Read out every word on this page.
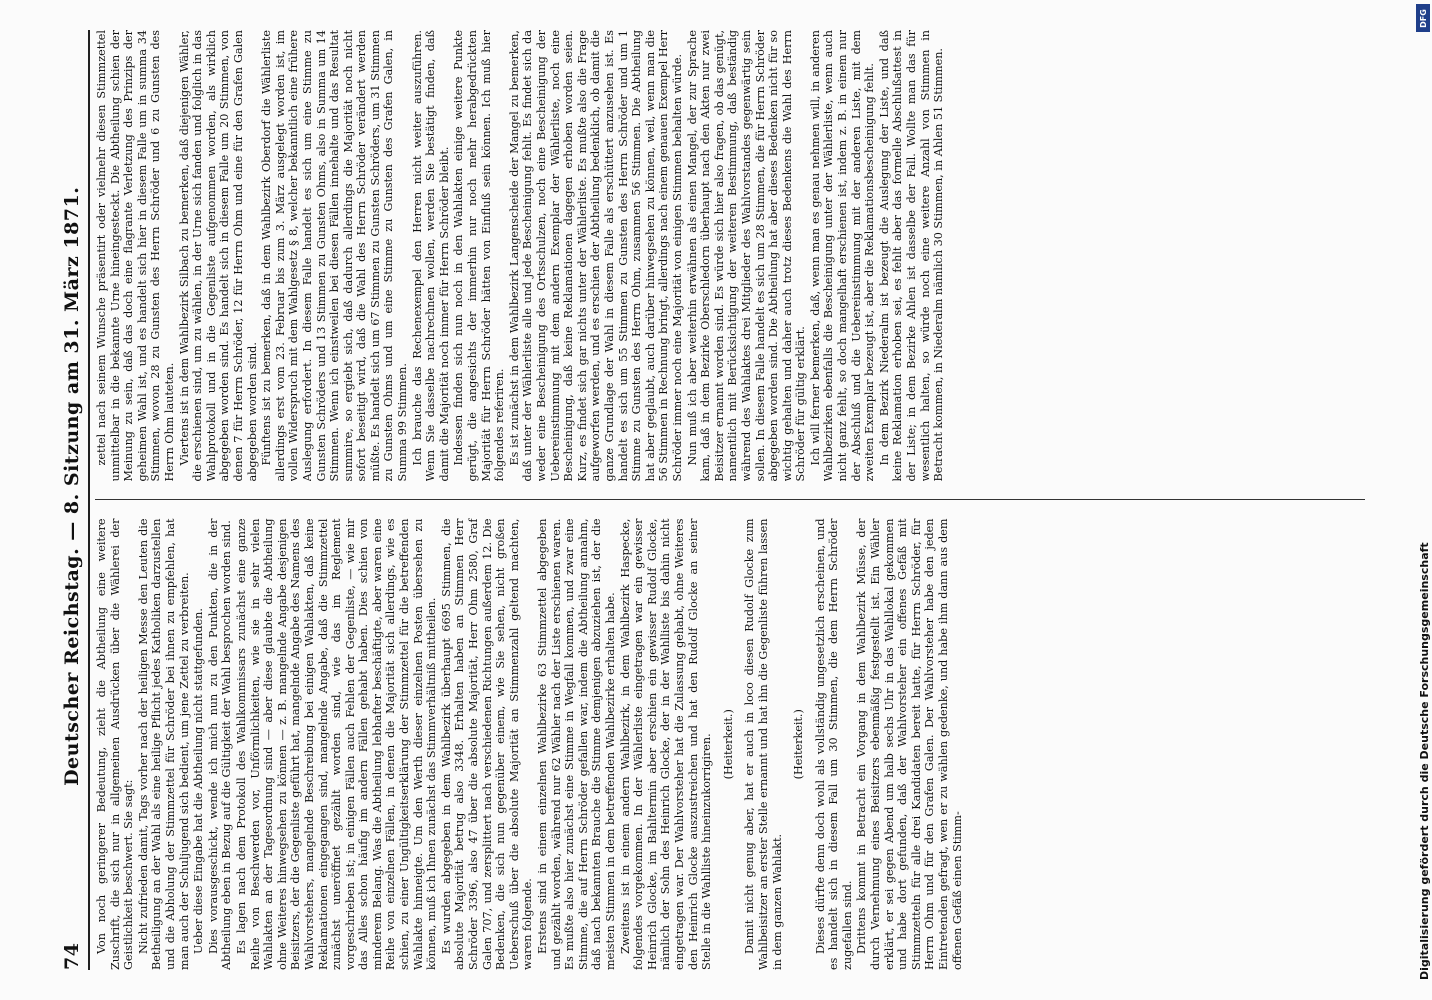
74
Deutscher Reichstag. — 8. Sitzung am 31. März 1871. Von noch geringerer Bedeutung, zieht die Abtheilung eine weitere Zuschrift, die sich nur in allgemeinen Ausdrücken über die Wählerei der Geistlichkeit beschwert. Sie sagt: Nicht zufrieden damit, Tags vorher nach der heiligen Messe den Leuten die Betheiligung an der Wahl als eine heilige Pflicht jedes Katholiken darzustellen und die Abholung der Stimmzettel für Schröder bei ihnen zu empfehlen, hat man auch der Schuljugend sich bedient, um jene Zettel zu verbreiten. Ueber diese Eingabe hat die Abtheilung nicht stattgefunden. Dies vorausgeschickt, wende ich mich nun zu den Punkten, die in der Abtheilung eben in Bezug auf die Gültigkeit der Wahl besprochen worden sind. Es lagen nach dem Protokoll des Wahlkommissars zunächst eine ganze Reihe von Beschwerden vor, Unförmlichkeiten, wie sie in sehr vielen Wahlakten an der Tagesordnung sind — aber diese glaubte die Abtheilung ohne Weiteres hinwegsehen zu können — z. B. mangelnde Angabe desjenigen Beisitzers, der die Gegenliste geführt hat, mangelnde Angabe des Namens des Wahlvorstehers, mangelnde Beschreibung bei einigen Wahlakten, daß keine Reklamationen eingegangen sind, mangelnde Angabe, daß die Stimmzettel zunächst uneröffnet gezählt worden sind, wie das im Reglement vorgeschrieben ist; in einigen Fällen auch Fehlen der Gegenliste, — wie mir das Alles schon häufig im andern Fällen gehabt haben. Dies schien von minderem Belang. Was die Abtheilung lebhafter beschäftigte, aber waren eine Reihe von einzelnen Fällen, in denen die Majorität sich allerdings, wie es schien, zu einer Ungültigkeitserklärung der Stimmzettel für die betreffenden Wahlakte hinneigte. Um den Werth dieser einzelnen Posten übersehen zu können, muß ich Ihnen zunächst das Stimmverhältniß mittheilen. Es wurden abgegeben in dem Wahlbezirk überhaupt 6695 Stimmen, die absolute Majorität betrug also 3348. Erhalten haben an Stimmen Herr Schröder 3396, also 47 über die absolute Majorität, Herr Ohm 2580, Graf Galen 707, und zersplittert nach verschiedenen Richtungen außerdem 12. Die Bedenken, die sich nun gegenüber einem, wie Sie sehen, nicht großen Ueberschuß über die absolute Majorität an Stimmenzahl geltend machten, waren folgende. Erstens sind in einem einzelnen Wahlbezirke 63 Stimmzettel abgegeben und gezählt worden, während nur 62 Wähler nach der Liste erschienen waren. Es mußte also hier zunächst eine Stimme in Wegfall kommen, und zwar eine Stimme, die auf Herrn Schröder gefallen war, indem die Abtheilung annahm, daß nach bekannten Brauche die Stimme demjenigen abzuziehen ist, der die meisten Stimmen in dem betreffenden Wahlbezirke erhalten habe. Zweitens ist in einem andern Wahlbezirk, in dem Wahlbezirk Haspecke, folgendes vorgekommen. In der Wählerliste eingetragen war ein gewisser Heinrich Glocke, im Bahltermin aber erschien ein gewisser Rudolf Glocke, nämlich der Sohn des Heinrich Glocke, der in der Wahlliste bis dahin nicht eingetragen war. Der Wahlvorsteher hat die Zulassung gehabt, ohne Weiteres den Heinrich Glocke auszustreichen und hat den Rudolf Glocke an seiner Stelle in die Wahlliste hineinzukorrigiren. (Heiterkeit.) Damit nicht genug aber, hat er auch in loco diesen Rudolf Glocke zum Wahlbeisitzer an erster Stelle ernannt und hat ihn die Gegenliste führen lassen in dem ganzen Wahlakt.

(Heiterkeit.) Dieses dürfte denn doch wohl als vollständig ungesetzlich erscheinen, und es handelt sich in diesem Fall um 30 Stimmen, die dem Herrn Schröder zugefallen sind. Drittens kommt in Betracht ein Vorgang in dem Wahlbezirk Müsse, der durch Vernehmung eines Beisitzers ebenmäßig festgestellt ist. Ein Wähler erklärt, er sei gegen Abend um halb sechs Uhr in das Wahllokal gekommen und habe dort gefunden, daß der Wahlvorsteher ein offenes Gefäß mit Stimmzetteln für alle drei Kandidaten bereit hatte, für Herrn Schröder, für Herrn Ohm und für den Grafen Galen. Der Wahlvorsteher habe den jeden Eintretenden gefragt, wen er zu wählen gedenke, und habe ihm dann aus dem offenen Gefäß einen Stimm-

zettel nach seinem Wunsche präsentirt oder vielmehr diesen Stimmzettel unmittelbar in die bekannte Urne hineingesteckt. Die Abtheilung schien der Meinung zu sein, daß das doch eine flagrante Verletzung des Prinzips der geheimen Wahl ist, und es handelt sich hier in diesem Falle um in summa 34 Stimmen, wovon 28 zu Gunsten des Herrn Schröder und 6 zu Gunsten des Herrn Ohm lauteten. Viertens ist in dem Wahlbezirk Silbach zu bemerken, daß diejenigen Wähler, die erschienen sind, um zu wählen, in der Urne sich fanden und folglich in das Wahlprotokoll und in die Gegenliste aufgenommen worden, als wirklich abgegeben worden sind. Es handelt sich in diesem Falle um 20 Stimmen, von denen 7 für Herrn Schröder, 12 für Herrn Ohm und eine für den Grafen Galen abgegeben worden sind. Fünftens ist zu bemerken, daß in dem Wahlbezirk Oberdorf die Wählerliste allerdings erst vom 23. Februar bis zum 3. März ausgelegt worden ist, im vollen Widerspruch mit dem Wahlgesetz § 8, welcher bekanntlich eine frühere Auslegung erfordert. In diesem Falle handelt es sich um eine Stimme zu Gunsten Schröders und 13 Stimmen zu Gunsten Ohms, also in Summa um 14 Stimmen. Wenn ich einstweilen bei diesen Fällen innehalte und das Resultat summire, so ergiebt sich, daß dadurch allerdings die Majorität noch nicht sofort beseitigt wird, daß die Wahl des Herrn Schröder verändert werden müßte. Es handelt sich um 67 Stimmen zu Gunsten Schröders, um 31 Stimmen zu Gunsten Ohms und um eine Stimme zu Gunsten des Grafen Galen, in Summa 99 Stimmen. Ich brauche das Rechenexempel den Herren nicht weiter auszuführen. Wenn Sie dasselbe nachrechnen wollen, werden Sie bestätigt finden, daß damit die Majorität noch immer für Herrn Schröder bleibt. Indessen finden sich nun noch in den Wahlakten einige weitere Punkte gerügt, die angesichts der immerhin nur noch mehr herabgedrückten Majorität für Herrn Schröder hätten von Einfluß sein können. Ich muß hier folgendes referiren. Es ist zunächst in dem Wahlbezirk Langenscheide der Mangel zu bemerken, daß unter der Wählerliste alle und jede Bescheinigung fehlt. Es findet sich da weder eine Bescheinigung des Ortsschulzen, noch eine Bescheinigung der Uebereinstimmung mit dem andern Exemplar der Wählerliste, noch eine Bescheinigung, daß keine Reklamationen dagegen erhoben worden seien. Kurz, es findet sich gar nichts unter der Wählerliste. Es mußte also die Frage aufgeworfen werden, und es erschien der Abtheilung bedenklich, ob damit die ganze Grundlage der Wahl in diesem Falle als erschüttert anzusehen ist. Es handelt es sich um 55 Stimmen zu Gunsten des Herrn Schröder und um 1 Stimme zu Gunsten des Herrn Ohm, zusammen 56 Stimmen. Die Abtheilung hat aber geglaubt, auch darüber hinwegsehen zu können, weil, wenn man die 56 Stimmen in Rechnung bringt, allerdings nach einem genauen Exempel Herr Schröder immer noch eine Majorität von einigen Stimmen behalten würde. Nun muß ich aber weiterhin erwähnen als einen Mangel, der zur Sprache kam, daß in dem Bezirke Oberschledorn überhaupt nach den Akten nur zwei Beisitzer ernannt worden sind. Es würde sich hier also fragen, ob das genügt, namentlich mit Berücksichtigung der weiteren Bestimmung, daß beständig während des Wahlaktes drei Mitglieder des Wahlvorstandes gegenwärtig sein sollen. In diesem Falle handelt es sich um 28 Stimmen, die für Herrn Schröder abgegeben worden sind. Die Abtheilung hat aber dieses Bedenken nicht für so wichtig gehalten und daher auch trotz dieses Bedenkens die Wahl des Herrn Schröder für gültig erklärt. Ich will ferner bemerken, daß, wenn man es genau nehmen will, in anderen Wahlbezirken ebenfalls die Bescheinigung unter der Wählerliste, wenn auch nicht ganz fehlt, so doch mangelhaft erschienen ist, indem z. B. in einem nur der Abschluß und die Uebereinstimmung mit der anderen Liste, mit dem zweiten Exemplar bezeugt ist, aber die Reklamationsbescheinigung fehlt. In dem Bezirk Niederalm ist bezeugt die Auslegung der Liste, und daß keine Reklamation erhoben sei, es fehlt aber das formelle Abschlußattest in der Liste; in dem Bezirke Ahlen ist dasselbe der Fall. Wollte man das für wesentlich halten, so würde noch eine weitere Anzahl von Stimmen in Betracht kommen, in Niederalm nämlich 30 Stimmen, in Ahlen 51 Stimmen.

DFG
Digitalisierung gefördert durch die Deutsche Forschungsgemeinschaft
